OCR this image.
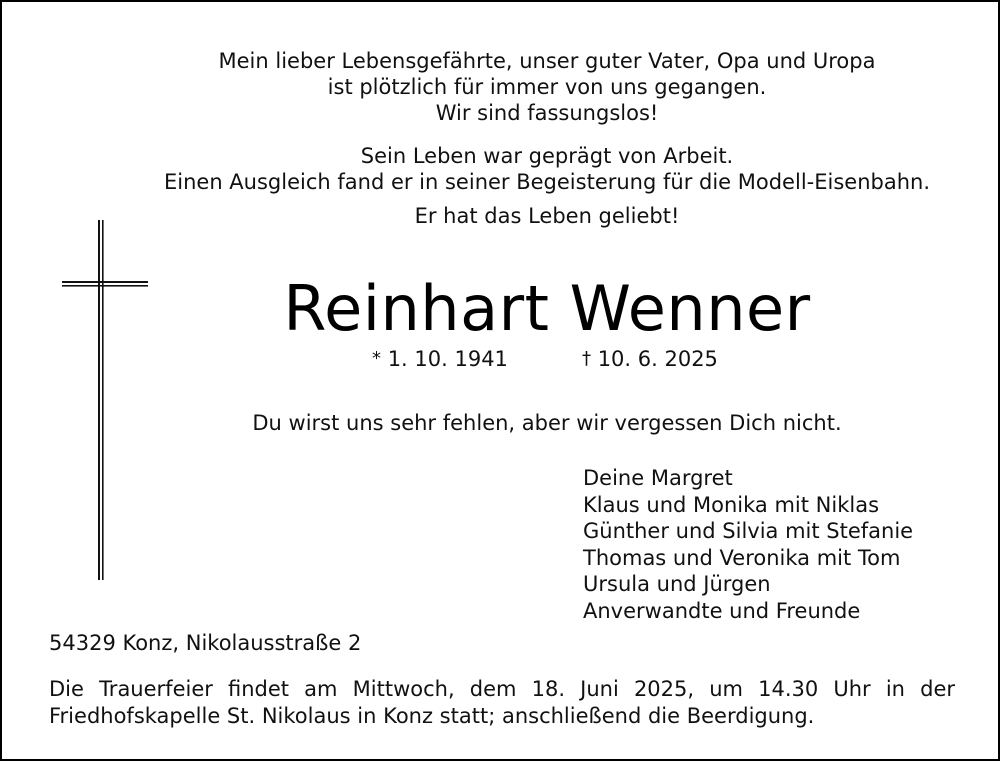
Mein lieber Lebensgefährte, unser guter Vater, Opa und Uropa
ist plötzlich für immer von uns gegangen.
Wir sind fassungslos!
Sein Leben war geprägt von Arbeit.
Einen Ausgleich fand er in seiner Begeisterung für die Modell-Eisenbahn.
Er hat das Leben geliebt!
Reinhart Wenner
* 1. 10. 1941	† 10. 6. 2025
Du wirst uns sehr fehlen, aber wir vergessen Dich nicht.
Deine Margret
Klaus und Monika mit Niklas
Günther und Silvia mit Stefanie
Thomas und Veronika mit Tom
Ursula und Jürgen
Anverwandte und Freunde
54329 Konz, Nikolausstraße 2
Die Trauerfeier findet am Mittwoch, dem 18. Juni 2025, um 14.30 Uhr in der
Friedhofskapelle St. Nikolaus in Konz statt; anschließend die Beerdigung.
